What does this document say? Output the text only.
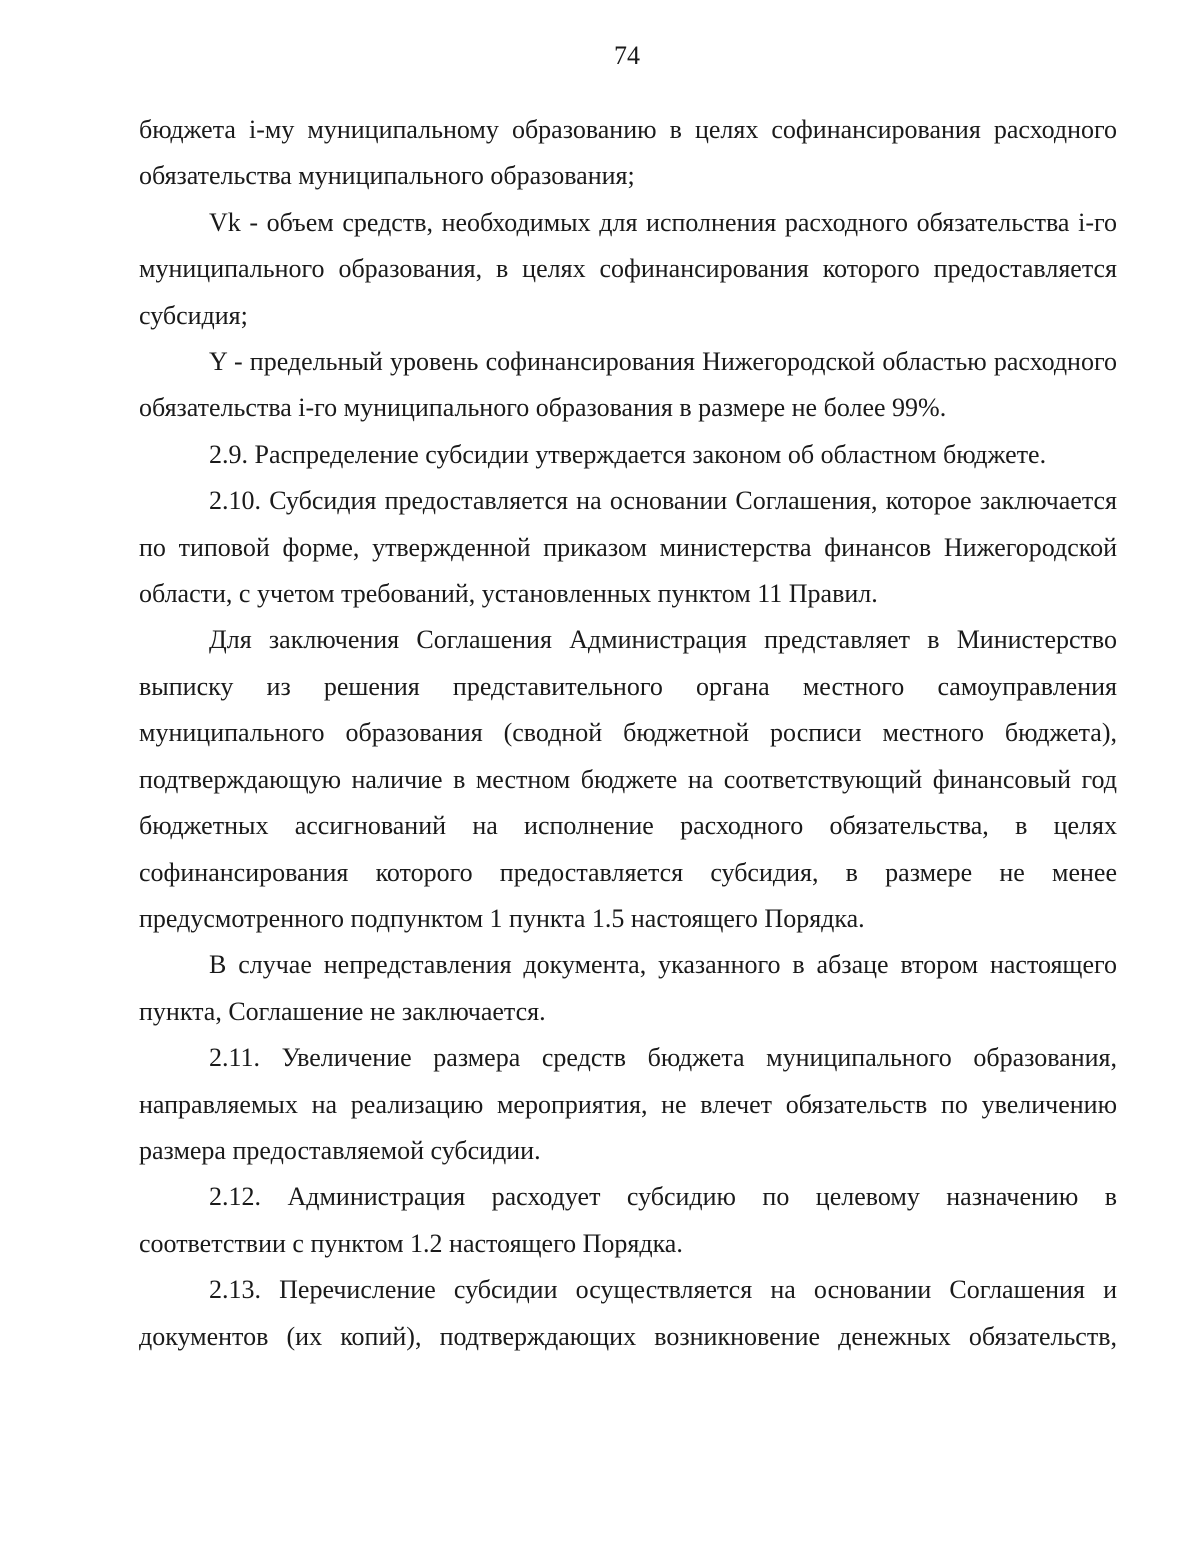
74

бюджета i-му муниципальному образованию в целях софинансирования расходного обязательства муниципального образования;

Vk - объем средств, необходимых для исполнения расходного обязательства i-го муниципального образования, в целях софинансирования которого предоставляется субсидия;

Y - предельный уровень софинансирования Нижегородской областью расходного обязательства i-го муниципального образования в размере не более 99%.

2.9. Распределение субсидии утверждается законом об областном бюджете.

2.10. Субсидия предоставляется на основании Соглашения, которое заключается по типовой форме, утвержденной приказом министерства финансов Нижегородской области, с учетом требований, установленных пунктом 11 Правил.

Для заключения Соглашения Администрация представляет в Министерство выписку из решения представительного органа местного самоуправления муниципального образования (сводной бюджетной росписи местного бюджета), подтверждающую наличие в местном бюджете на соответствующий финансовый год бюджетных ассигнований на исполнение расходного обязательства, в целях софинансирования которого предоставляется субсидия, в размере не менее предусмотренного подпунктом 1 пункта 1.5 настоящего Порядка.

В случае непредставления документа, указанного в абзаце втором настоящего пункта, Соглашение не заключается.

2.11. Увеличение размера средств бюджета муниципального образования, направляемых на реализацию мероприятия, не влечет обязательств по увеличению размера предоставляемой субсидии.

2.12. Администрация расходует субсидию по целевому назначению в соответствии с пунктом 1.2 настоящего Порядка.

2.13. Перечисление субсидии осуществляется на основании Соглашения и документов (их копий), подтверждающих возникновение денежных обязательств,
